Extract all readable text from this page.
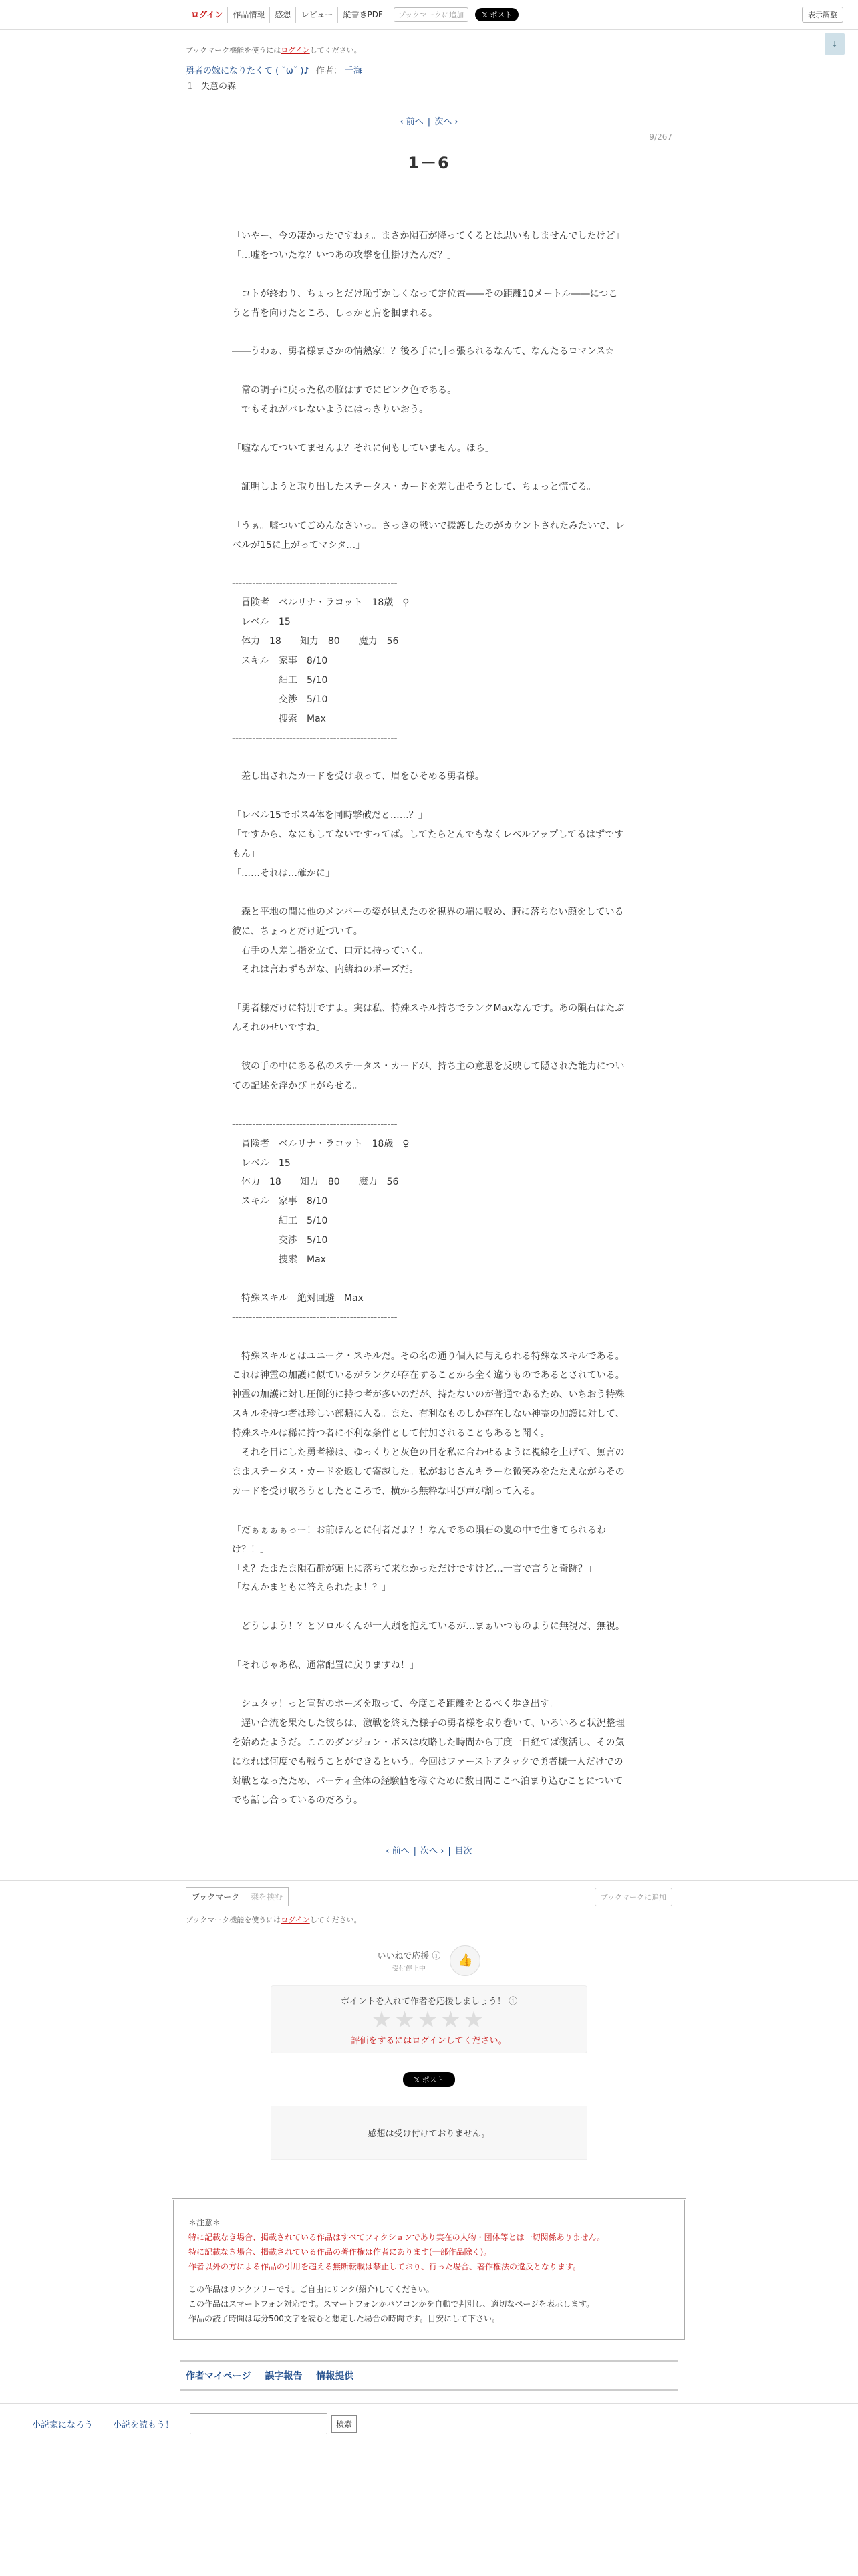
ログイン	作品情報	感想	レビュー	縦書きPDF	ブックマークに追加	𝕏 ポスト	表示調整
↓
ブックマーク機能を使うにはログインしてください。
勇者の嫁になりたくて ( ˘ω˘ )♪ 作者： 千海
１ 失意の森
‹ 前へ | 次へ ›
9/267
1－6

「いやー、今の凄かったですねぇ。まさか隕石が降ってくるとは思いもしませんでしたけど」

「…嘘をついたな？いつあの攻撃を仕掛けたんだ？」

　コトが終わり、ちょっとだけ恥ずかしくなって定位置――その距離10メートル――につこうと背を向けたところ、しっかと肩を掴まれる。

――うわぁ、勇者様まさかの情熱家！？後ろ手に引っ張られるなんて、なんたるロマンス☆

　常の調子に戻った私の脳はすでにピンク色である。

　でもそれがバレないようにはっきりいおう。

「嘘なんてついてませんよ？それに何もしていません。ほら」

　証明しようと取り出したステータス・カードを差し出そうとして、ちょっと慌てる。

「うぁ。嘘ついてごめんなさいっ。さっきの戦いで援護したのがカウントされたみたいで、レベルが15に上がってマシタ…」

-------------------------------------------------

　冒険者　ベルリナ・ラコット　18歳　♀

　レベル　15

　体力　18　　知力　80　　魔力　56

　スキル　家事　8/10

　　　　　細工　5/10

　　　　　交渉　5/10

　　　　　捜索　Max

-------------------------------------------------

　差し出されたカードを受け取って、眉をひそめる勇者様。

「レベル15でボス4体を同時撃破だと……？」

「ですから、なにもしてないですってば。してたらとんでもなくレベルアップしてるはずですもん」

「……それは…確かに」

　森と平地の間に他のメンバーの姿が見えたのを視界の端に収め、腑に落ちない顔をしている彼に、ちょっとだけ近づいて。

　右手の人差し指を立て、口元に持っていく。

　それは言わずもがな、内緒ねのポーズだ。

「勇者様だけに特別ですよ。実は私、特殊スキル持ちでランクMaxなんです。あの隕石はたぶんそれのせいですね」

　彼の手の中にある私のステータス・カードが、持ち主の意思を反映して隠された能力についての記述を浮かび上がらせる。

-------------------------------------------------

　冒険者　ベルリナ・ラコット　18歳　♀

　レベル　15

　体力　18　　知力　80　　魔力　56

　スキル　家事　8/10

　　　　　細工　5/10

　　　　　交渉　5/10

　　　　　捜索　Max

　特殊スキル　絶対回避　Max

-------------------------------------------------

　特殊スキルとはユニーク・スキルだ。その名の通り個人に与えられる特殊なスキルである。これは神霊の加護に似ているがランクが存在することから全く違うものであるとされている。神霊の加護に対し圧倒的に持つ者が多いのだが、持たないのが普通であるため、いちおう特殊スキルを持つ者は珍しい部類に入る。また、有利なものしか存在しない神霊の加護に対して、特殊スキルは稀に持つ者に不利な条件として付加されることもあると聞く。

　それを目にした勇者様は、ゆっくりと灰色の目を私に合わせるように視線を上げて、無言のままステータス・カードを返して寄越した。私がおじさんキラーな微笑みをたたえながらそのカードを受け取ろうとしたところで、横から無粋な叫び声が割って入る。

「だぁぁぁぁっー！お前ほんとに何者だよ？！なんであの隕石の嵐の中で生きてられるわけ？！」

「え？たまたま隕石群が頭上に落ちて来なかっただけですけど…一言で言うと奇跡？」

「なんかまともに答えられたよ！？」

　どうしよう！？とソロルくんが一人頭を抱えているが…まぁいつものように無視だ、無視。

「それじゃあ私、通常配置に戻りますね！」

　シュタッ！っと宣誓のポーズを取って、今度こそ距離をとるべく歩き出す。

　遅い合流を果たした彼らは、激戦を終えた様子の勇者様を取り巻いて、いろいろと状況整理を始めたようだ。ここのダンジョン・ボスは攻略した時間から丁度一日経てば復活し、その気になれば何度でも戦うことができるという。今回はファーストアタックで勇者様一人だけでの対戦となったため、パーティ全体の経験値を稼ぐために数日間ここへ泊まり込むことについてでも話し合っているのだろう。

‹ 前へ | 次へ › | 目次
ブックマーク	栞を挟む	ブックマークに追加
ブックマーク機能を使うにはログインしてください。
いいねで応援 ⓘ
受付停止中
👍
ポイントを入れて作者を応援しましょう！ ⓘ
★★★★★
評価をするにはログインしてください。
𝕏 ポスト
感想は受け付けておりません。
＊注意＊
特に記載なき場合、掲載されている作品はすべてフィクションであり実在の人物・団体等とは一切関係ありません。
特に記載なき場合、掲載されている作品の著作権は作者にあります(一部作品除く)。
作者以外の方による作品の引用を超える無断転載は禁止しており、行った場合、著作権法の違反となります。
この作品はリンクフリーです。ご自由にリンク(紹介)してください。
この作品はスマートフォン対応です。スマートフォンかパソコンかを自動で判別し、適切なページを表示します。
作品の読了時間は毎分500文字を読むと想定した場合の時間です。目安にして下さい。
作者マイページ 誤字報告 情報提供
小説家になろう 小説を読もう！	検索
